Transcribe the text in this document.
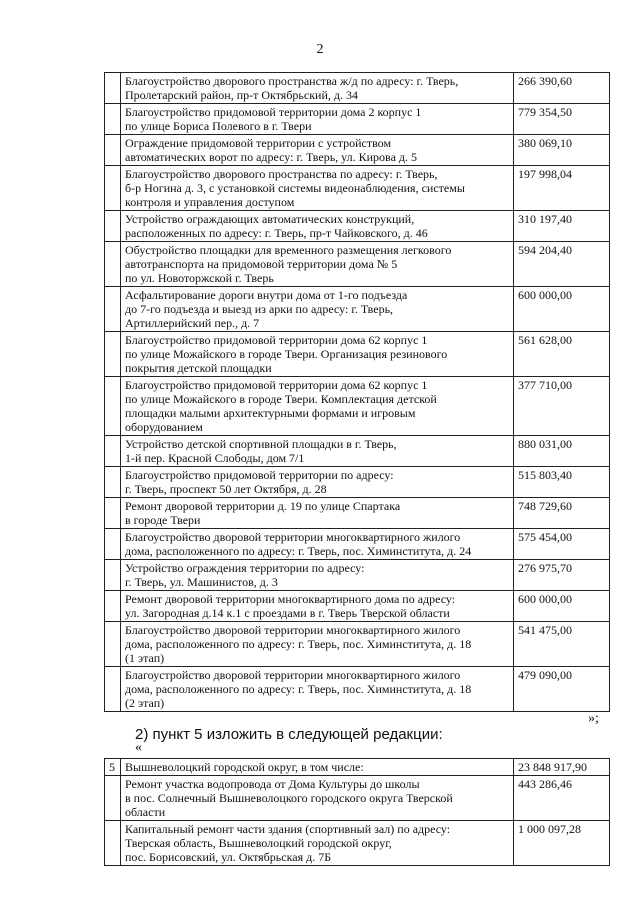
2

	Благоустройство дворового пространства ж/д по адресу: г. Тверь,
Пролетарский район, пр-т Октябрьский, д. 34	266 390,60

	Благоустройство придомовой территории дома 2 корпус 1
по улице Бориса Полевого в г. Твери	779 354,50

	Ограждение придомовой территории с устройством
автоматических ворот по адресу: г. Тверь, ул. Кирова д. 5	380 069,10

	Благоустройство дворового пространства по адресу: г. Тверь,
б-р Ногина д. 3, с установкой системы видеонаблюдения, системы
контроля и управления доступом	197 998,04

	Устройство ограждающих автоматических конструкций,
расположенных по адресу: г. Тверь, пр-т Чайковского, д. 46	310 197,40

	Обустройство площадки для временного размещения легкового
автотранспорта на придомовой территории дома № 5
по ул. Новоторжской г. Тверь	594 204,40

	Асфальтирование дороги внутри дома от 1-го подъезда
до 7-го подъезда и выезд из арки по адресу: г. Тверь,
Артиллерийский пер., д. 7	600 000,00

	Благоустройство придомовой территории дома 62 корпус 1
по улице Можайского в городе Твери. Организация резинового
покрытия детской площадки	561 628,00

	Благоустройство придомовой территории дома 62 корпус 1
по улице Можайского в городе Твери. Комплектация детской
площадки малыми архитектурными формами и игровым
оборудованием	377 710,00

	Устройство детской спортивной площадки в г. Тверь,
1-й пер. Красной Слободы, дом 7/1	880 031,00

	Благоустройство придомовой территории по адресу:
г. Тверь, проспект 50 лет Октября, д. 28	515 803,40

	Ремонт дворовой территории д. 19 по улице Спартака
в городе Твери	748 729,60

	Благоустройство дворовой территории многоквартирного жилого
дома, расположенного по адресу: г. Тверь, пос. Химинститута, д. 24	575 454,00

	Устройство ограждения территории по адресу:
г. Тверь, ул. Машинистов, д. 3	276 975,70

	Ремонт дворовой территории многоквартирного дома по адресу:
ул. Загородная д.14 к.1 с проездами в г. Тверь Тверской области	600 000,00

	Благоустройство дворовой территории многоквартирного жилого
дома, расположенного по адресу: г. Тверь, пос. Химинститута, д. 18
(1 этап)	541 475,00

	Благоустройство дворовой территории многоквартирного жилого
дома, расположенного по адресу: г. Тверь, пос. Химинститута, д. 18
(2 этап)	479 090,00
»;
2) пункт 5 изложить в следующей редакции:
«
5	Вышневолоцкий городской округ, в том числе:	23 848 917,90

	Ремонт участка водопровода от Дома Культуры до школы
в пос. Солнечный Вышневолоцкого городского округа Тверской
области	443 286,46

	Капитальный ремонт части здания (спортивный зал) по адресу:
Тверская область, Вышневолоцкий городской округ,
пос. Борисовский, ул. Октябрьская д. 7Б	1 000 097,28
